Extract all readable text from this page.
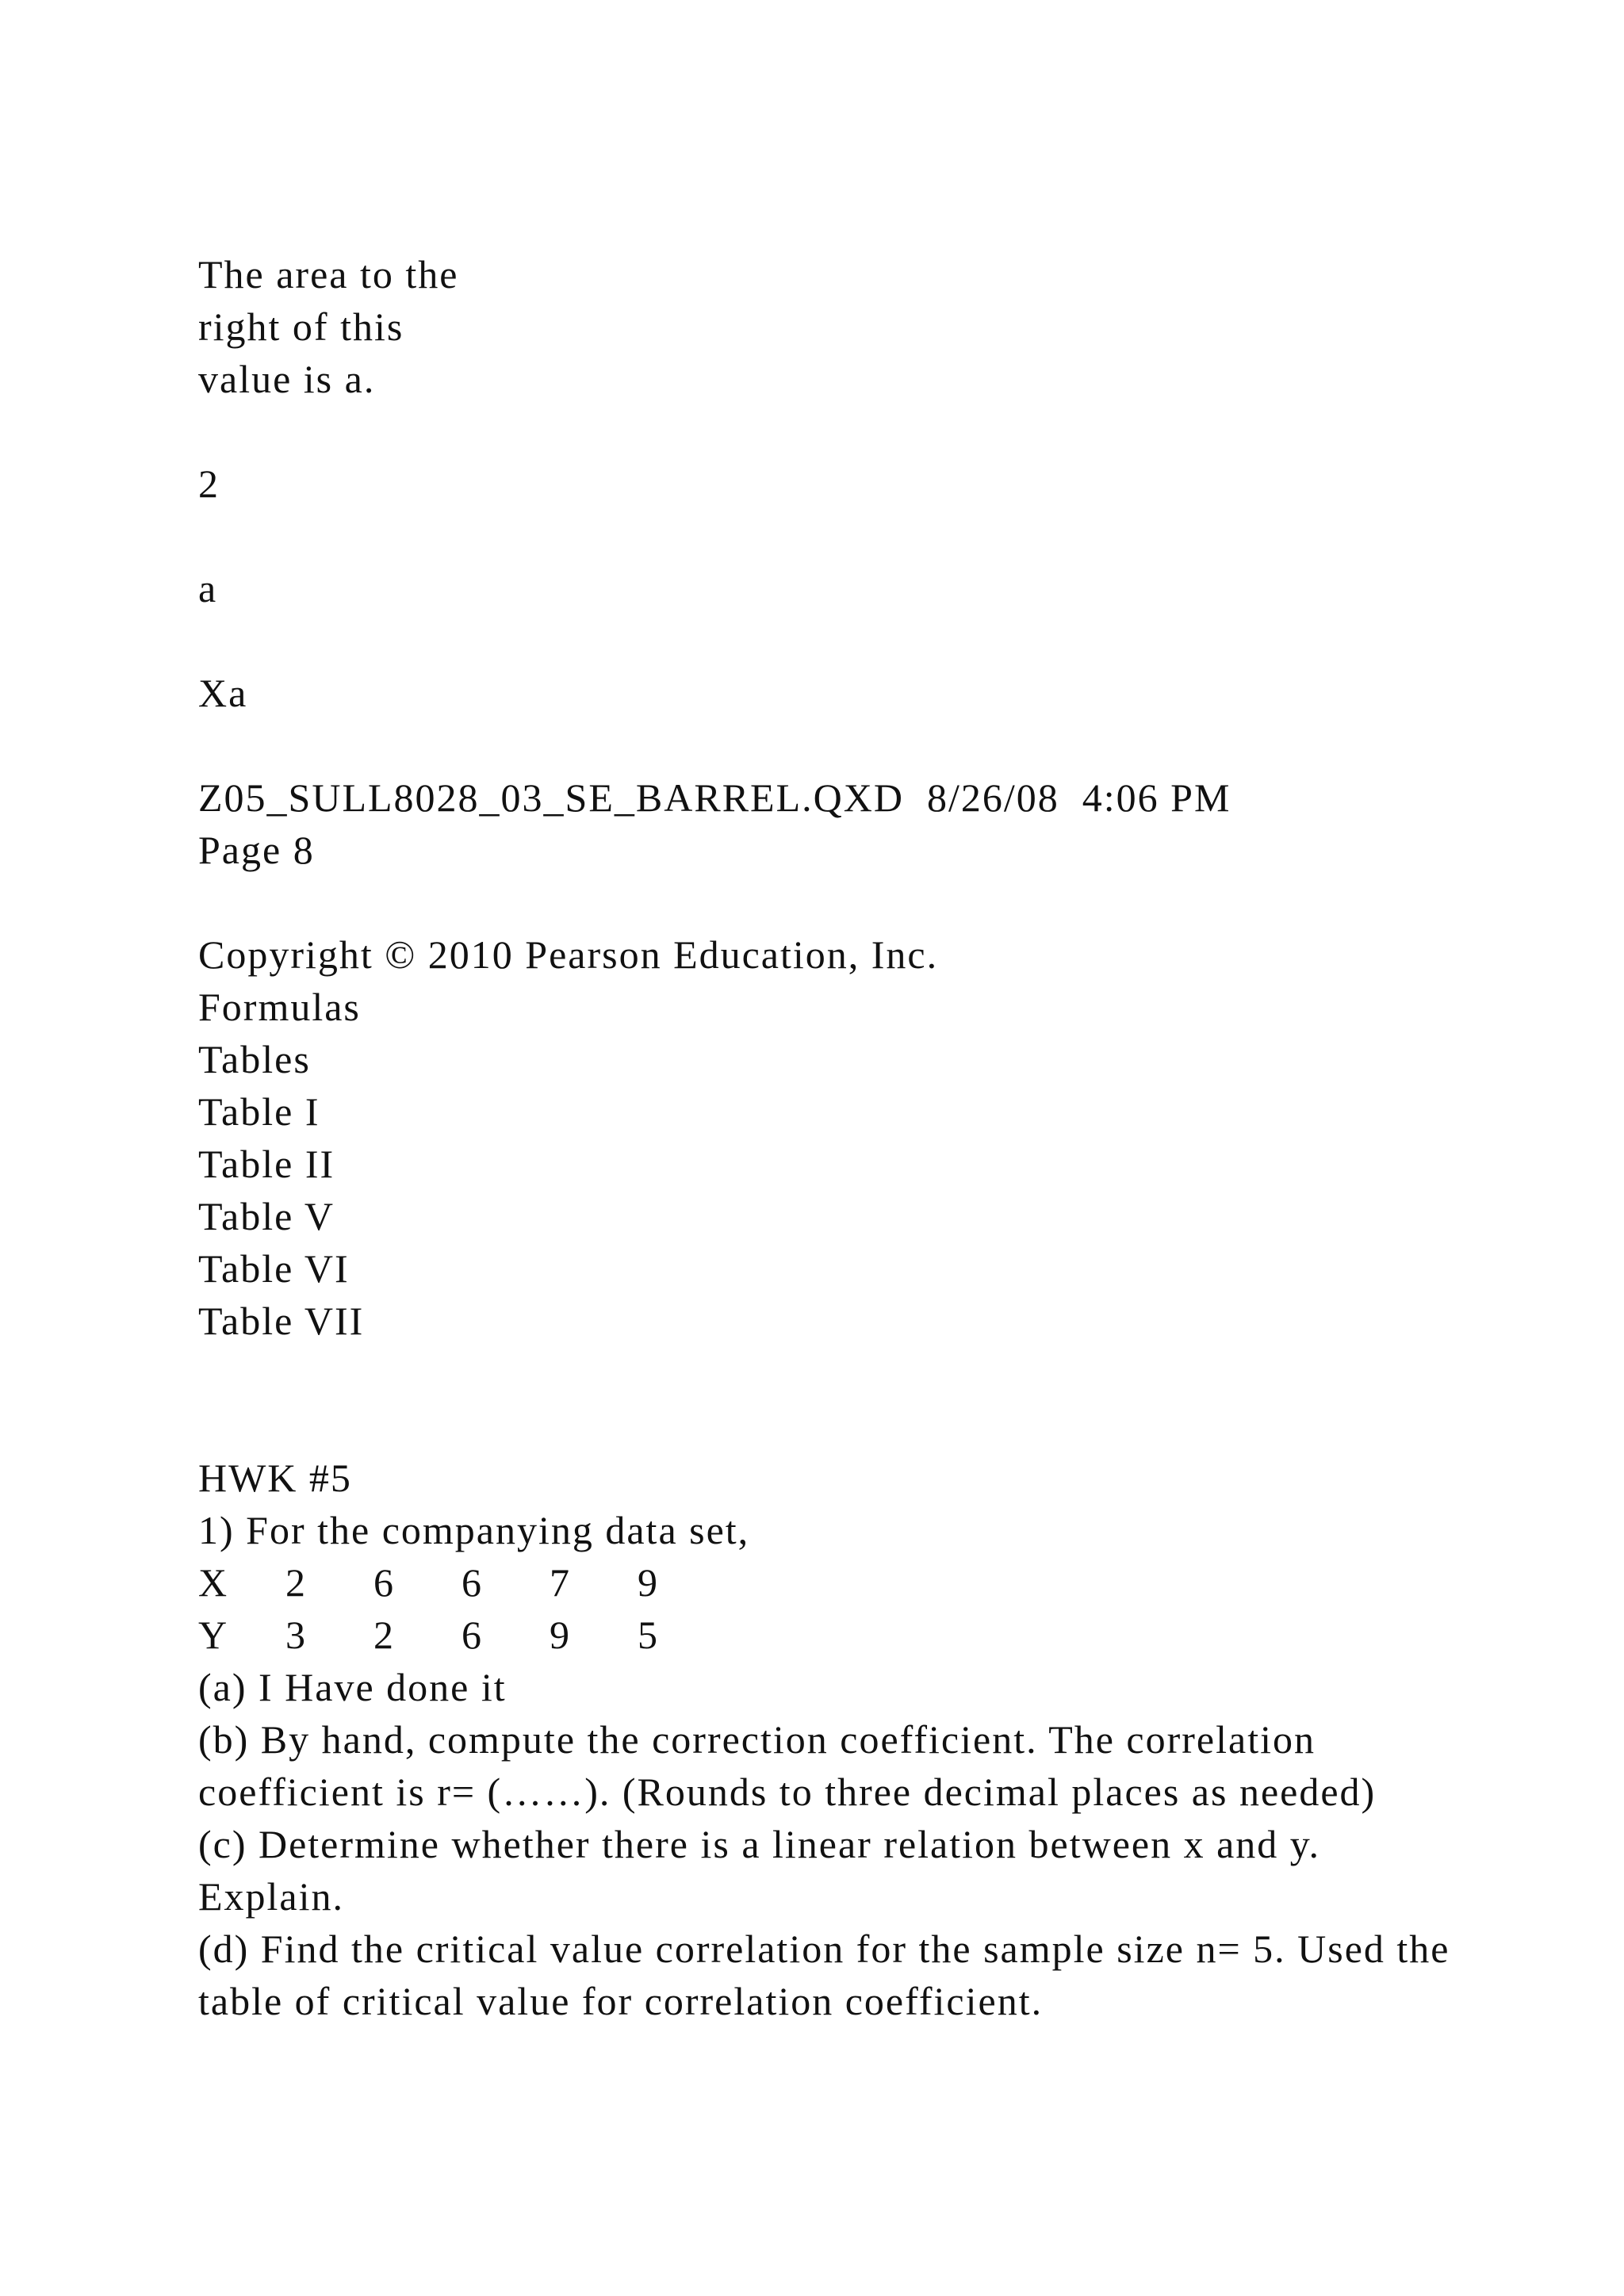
The area to the
right of this
value is a.
2
a
Xa
Z05_SULL8028_03_SE_BARREL.QXD 8/26/08 4:06 PM
Page 8
Copyright © 2010 Pearson Education, Inc.
Formulas
Tables
Table I
Table II
Table V
Table VI
Table VII
HWK #5
1) For the companying data set,
X 2 6 6 7 9
Y 3 2 6 9 5
(a) I Have done it
(b) By hand, compute the correction coefficient. The correlation coefficient is r= (……). (Rounds to three decimal places as needed)
(c) Determine whether there is a linear relation between x and y. Explain.
(d) Find the critical value correlation for the sample size n= 5. Used the table of critical value for correlation coefficient.
